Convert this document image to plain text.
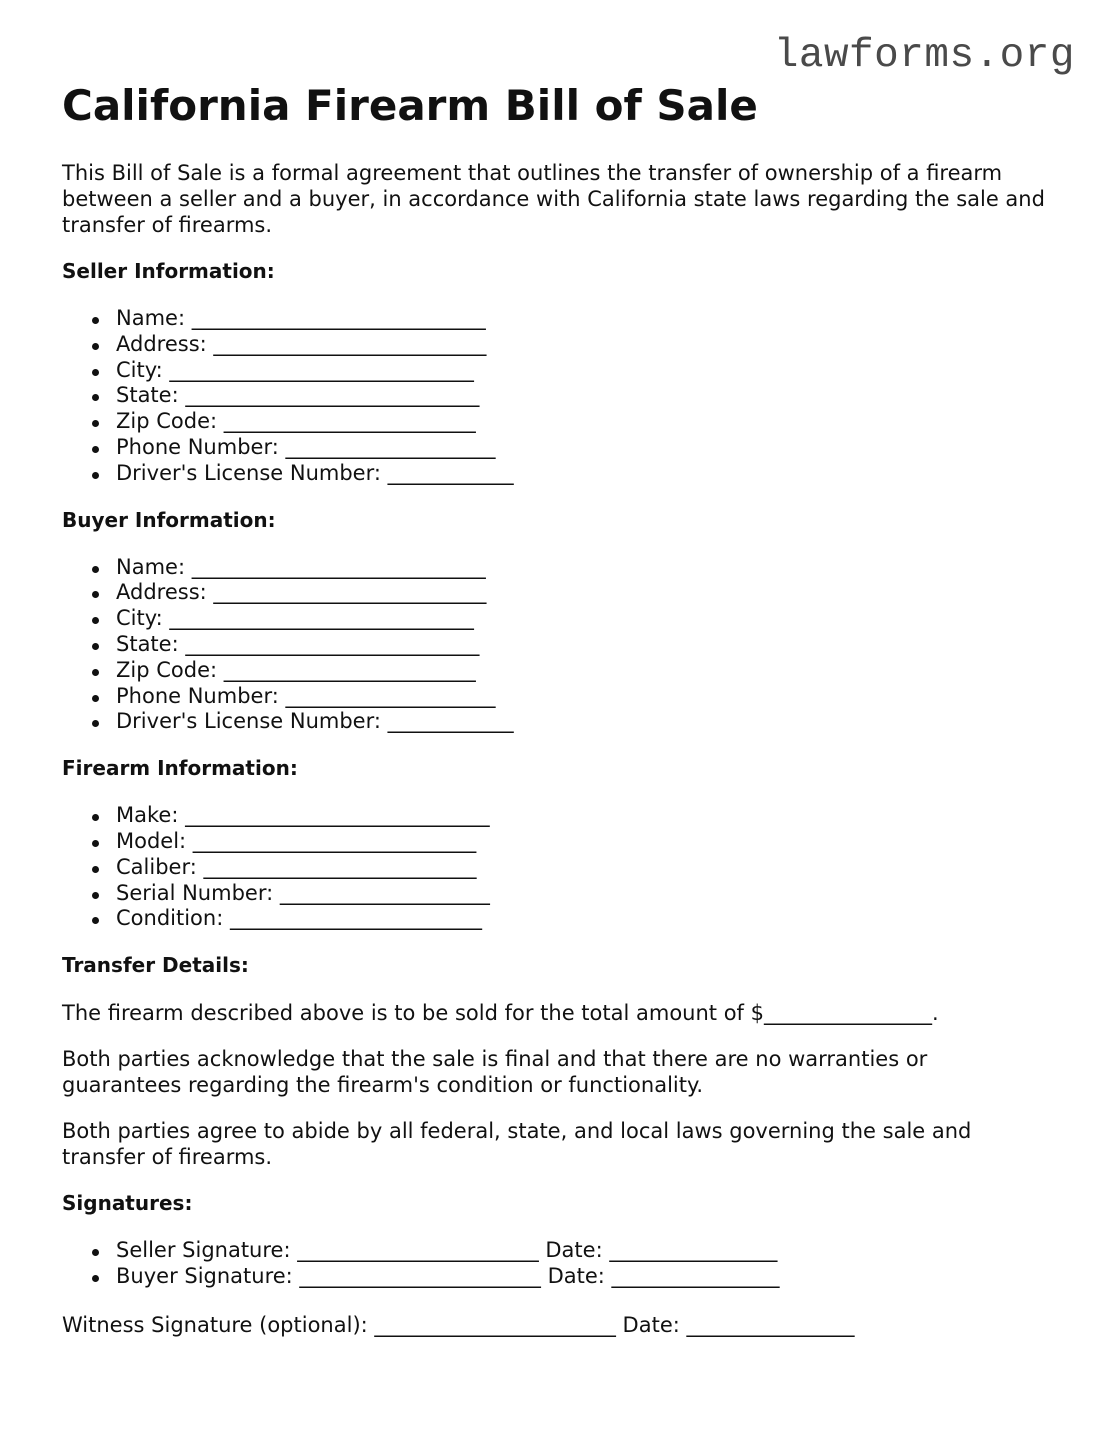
lawforms.org
California Firearm Bill of Sale

This Bill of Sale is a formal agreement that outlines the transfer of ownership of a firearm between a seller and a buyer, in accordance with California state laws regarding the sale and transfer of firearms.

Seller Information:
Name: ____________________________
Address: __________________________
City: _____________________________
State: ____________________________
Zip Code: ________________________
Phone Number: ____________________
Driver's License Number: ____________
Buyer Information:
Name: ____________________________
Address: __________________________
City: _____________________________
State: ____________________________
Zip Code: ________________________
Phone Number: ____________________
Driver's License Number: ____________
Firearm Information:
Make: _____________________________
Model: ___________________________
Caliber: __________________________
Serial Number: ____________________
Condition: ________________________
Transfer Details:

The firearm described above is to be sold for the total amount of $________________.

Both parties acknowledge that the sale is final and that there are no warranties or guarantees regarding the firearm's condition or functionality.

Both parties agree to abide by all federal, state, and local laws governing the sale and transfer of firearms.

Signatures:
Seller Signature: _______________________ Date: ________________
Buyer Signature: _______________________ Date: ________________

Witness Signature (optional): _______________________ Date: ________________
